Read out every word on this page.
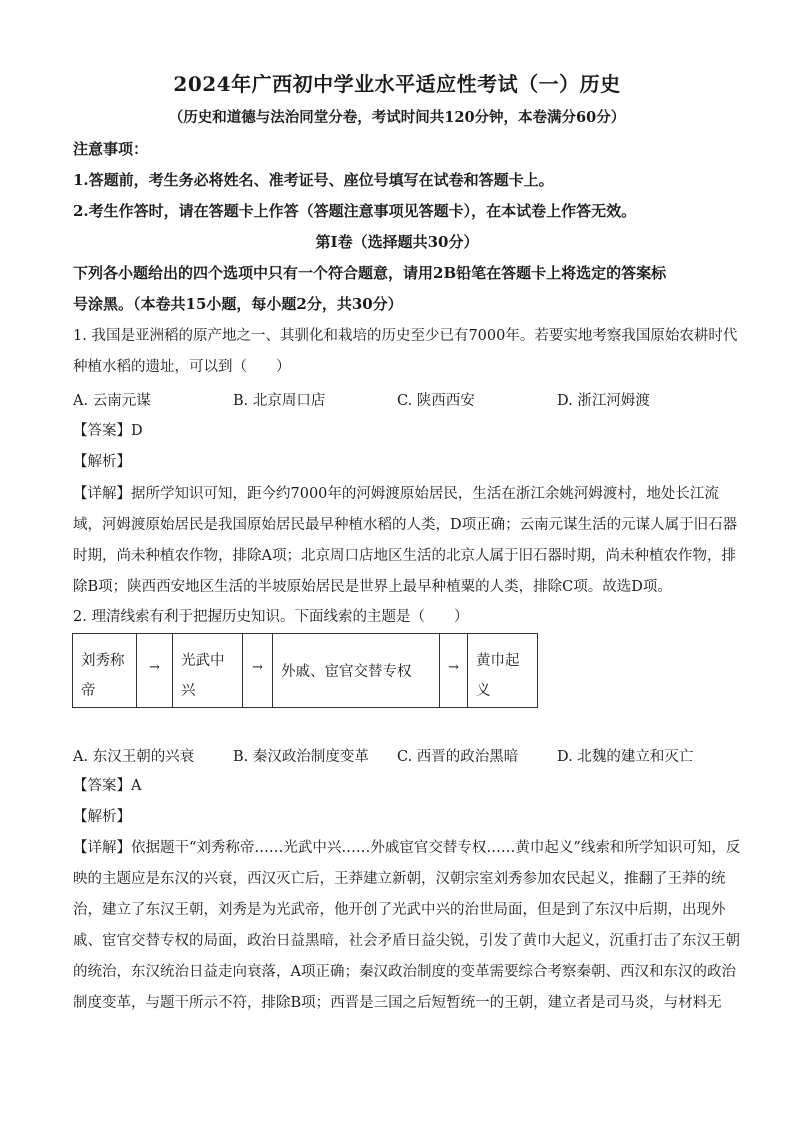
2024年广西初中学业水平适应性考试（一）历史
（历史和道德与法治同堂分卷，考试时间共120分钟，本卷满分60分）
注意事项：
1.答题前，考生务必将姓名、准考证号、座位号填写在试卷和答题卡上。
2.考生作答时，请在答题卡上作答（答题注意事项见答题卡），在本试卷上作答无效。
第Ⅰ卷（选择题共30分）
下列各小题给出的四个选项中只有一个符合题意，请用2B铅笔在答题卡上将选定的答案标
号涂黑。（本卷共15小题，每小题2分，共30分）
1. 我国是亚洲稻的原产地之一、其驯化和栽培的历史至少已有7000年。若要实地考察我国原始农耕时代
种植水稻的遗址，可以到（　　）
A. 云南元谋	B. 北京周口店	C. 陕西西安	D. 浙江河姆渡
【答案】D
【解析】
【详解】据所学知识可知，距今约7000年的河姆渡原始居民，生活在浙江余姚河姆渡村，地处长江流
域，河姆渡原始居民是我国原始居民最早种植水稻的人类，D项正确；云南元谋生活的元谋人属于旧石器
时期，尚未种植农作物，排除A项；北京周口店地区生活的北京人属于旧石器时期，尚未种植农作物，排
除B项；陕西西安地区生活的半坡原始居民是世界上最早种植粟的人类，排除C项。故选D项。
2. 理清线索有利于把握历史知识。下面线索的主题是（　　）
刘秀称帝
→	光武中兴
→	外戚、宦官交替专权	→	黄巾起义
A. 东汉王朝的兴衰	B. 秦汉政治制度变革 C. 西晋的政治黑暗	D. 北魏的建立和灭亡
【答案】A
【解析】
【详解】依据题干“刘秀称帝……光武中兴……外戚宦官交替专权……黄巾起义”线索和所学知识可知，反
映的主题应是东汉的兴衰，西汉灭亡后，王莽建立新朝，汉朝宗室刘秀参加农民起义，推翻了王莽的统
治，建立了东汉王朝，刘秀是为光武帝，他开创了光武中兴的治世局面，但是到了东汉中后期，出现外
戚、宦官交替专权的局面，政治日益黑暗，社会矛盾日益尖锐，引发了黄巾大起义，沉重打击了东汉王朝
的统治，东汉统治日益走向衰落，A项正确；秦汉政治制度的变革需要综合考察秦朝、西汉和东汉的政治
制度变革，与题干所示不符，排除B项；西晋是三国之后短暂统一的王朝，建立者是司马炎，与材料无
